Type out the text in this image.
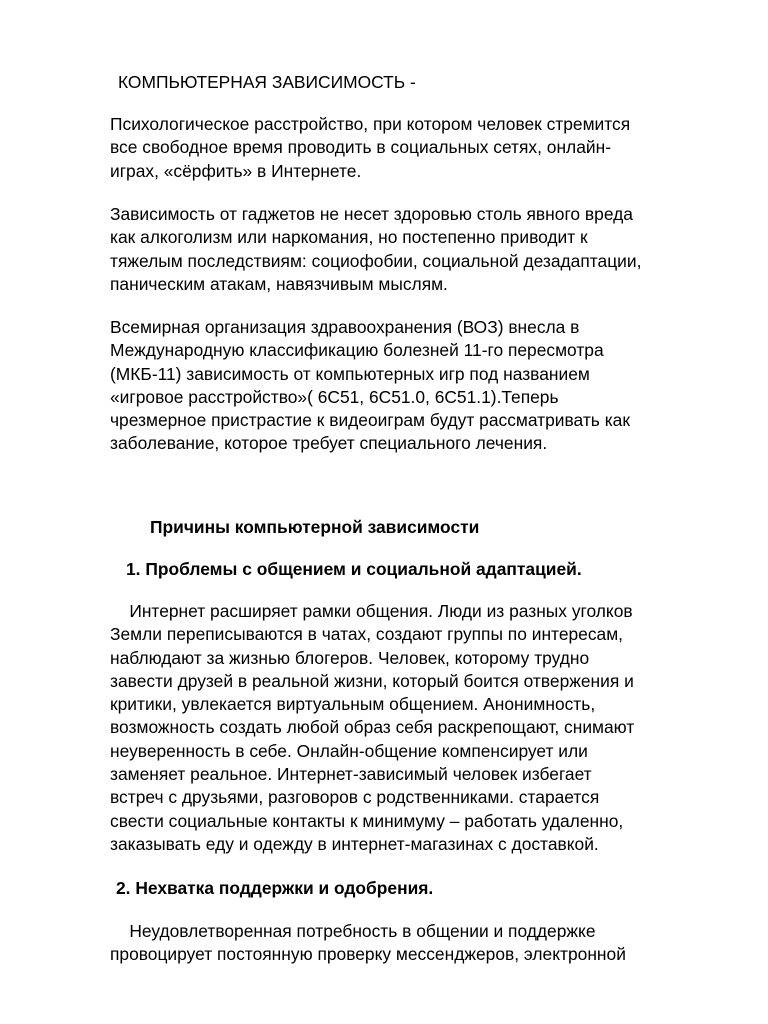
КОМПЬЮТЕРНАЯ ЗАВИСИМОСТЬ -
Психологическое расстройство, при котором человек стремится
все свободное время проводить в социальных сетях, онлайн-
играх, «сёрфить» в Интернете.
Зависимость от гаджетов не несет здоровью столь явного вреда
как алкоголизм или наркомания, но постепенно приводит к
тяжелым последствиям: социофобии, социальной дезадаптации,
паническим атакам, навязчивым мыслям.
Всемирная организация здравоохранения (ВОЗ) внесла в
Международную классификацию болезней 11-го пересмотра
(МКБ-11) зависимость от компьютерных игр под названием
«игровое расстройство»( 6С51, 6С51.0, 6С51.1).Теперь
чрезмерное пристрастие к видеоиграм будут рассматривать как
заболевание, которое требует специального лечения.
Причины компьютерной зависимости
1. Проблемы с общением и социальной адаптацией.
Интернет расширяет рамки общения. Люди из разных уголков
Земли переписываются в чатах, создают группы по интересам,
наблюдают за жизнью блогеров. Человек, которому трудно
завести друзей в реальной жизни, который боится отвержения и
критики, увлекается виртуальным общением. Анонимность,
возможность создать любой образ себя раскрепощают, снимают
неуверенность в себе. Онлайн-общение компенсирует или
заменяет реальное. Интернет-зависимый человек избегает
встреч с друзьями, разговоров с родственниками. старается
свести социальные контакты к минимуму – работать удаленно,
заказывать еду и одежду в интернет-магазинах с доставкой.
2. Нехватка поддержки и одобрения.
Неудовлетворенная потребность в общении и поддержке
провоцирует постоянную проверку мессенджеров, электронной
